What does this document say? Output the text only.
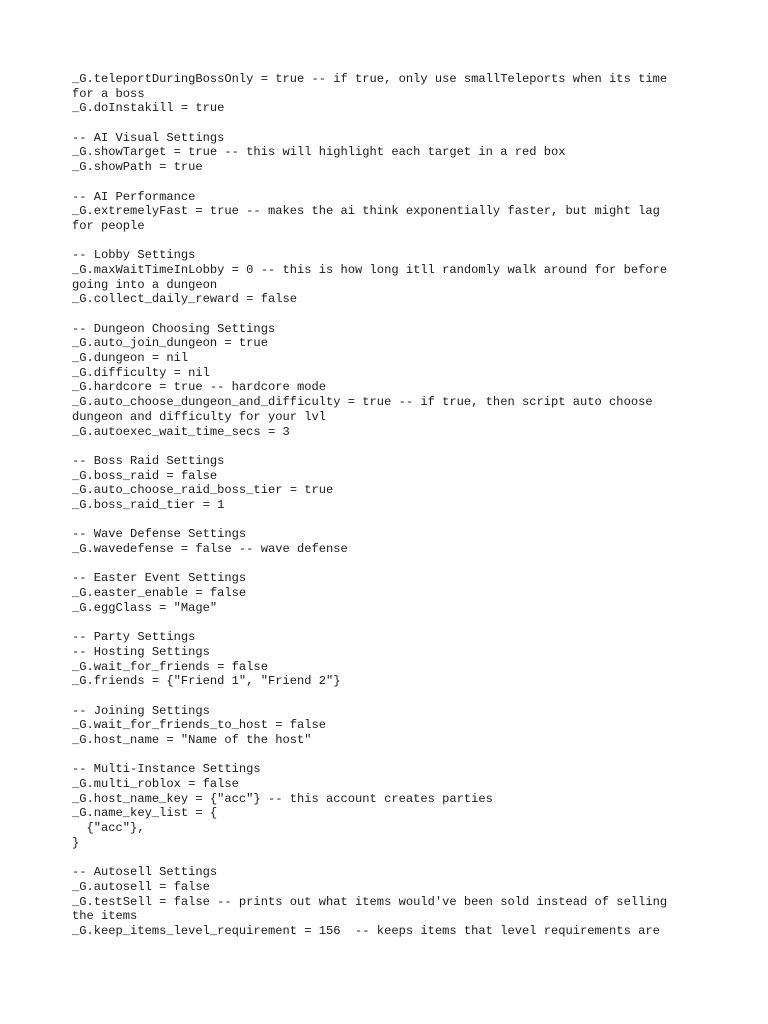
_G.teleportDuringBossOnly = true -- if true, only use smallTeleports when its time
for a boss
_G.doInstakill = true
-- AI Visual Settings
_G.showTarget = true -- this will highlight each target in a red box
_G.showPath = true
-- AI Performance
_G.extremelyFast = true -- makes the ai think exponentially faster, but might lag
for people
-- Lobby Settings
_G.maxWaitTimeInLobby = 0 -- this is how long itll randomly walk around for before
going into a dungeon
_G.collect_daily_reward = false
-- Dungeon Choosing Settings
_G.auto_join_dungeon = true
_G.dungeon = nil
_G.difficulty = nil
_G.hardcore = true -- hardcore mode
_G.auto_choose_dungeon_and_difficulty = true -- if true, then script auto choose
dungeon and difficulty for your lvl
_G.autoexec_wait_time_secs = 3
-- Boss Raid Settings
_G.boss_raid = false
_G.auto_choose_raid_boss_tier = true
_G.boss_raid_tier = 1
-- Wave Defense Settings
_G.wavedefense = false -- wave defense
-- Easter Event Settings
_G.easter_enable = false
_G.eggClass = "Mage"
-- Party Settings
-- Hosting Settings
_G.wait_for_friends = false
_G.friends = {"Friend 1", "Friend 2"}
-- Joining Settings
_G.wait_for_friends_to_host = false
_G.host_name = "Name of the host"
-- Multi-Instance Settings
_G.multi_roblox = false
_G.host_name_key = {"acc"} -- this account creates parties
_G.name_key_list = {
{"acc"},
}
-- Autosell Settings
_G.autosell = false
_G.testSell = false -- prints out what items would've been sold instead of selling
the items
_G.keep_items_level_requirement = 156  -- keeps items that level requirements are
